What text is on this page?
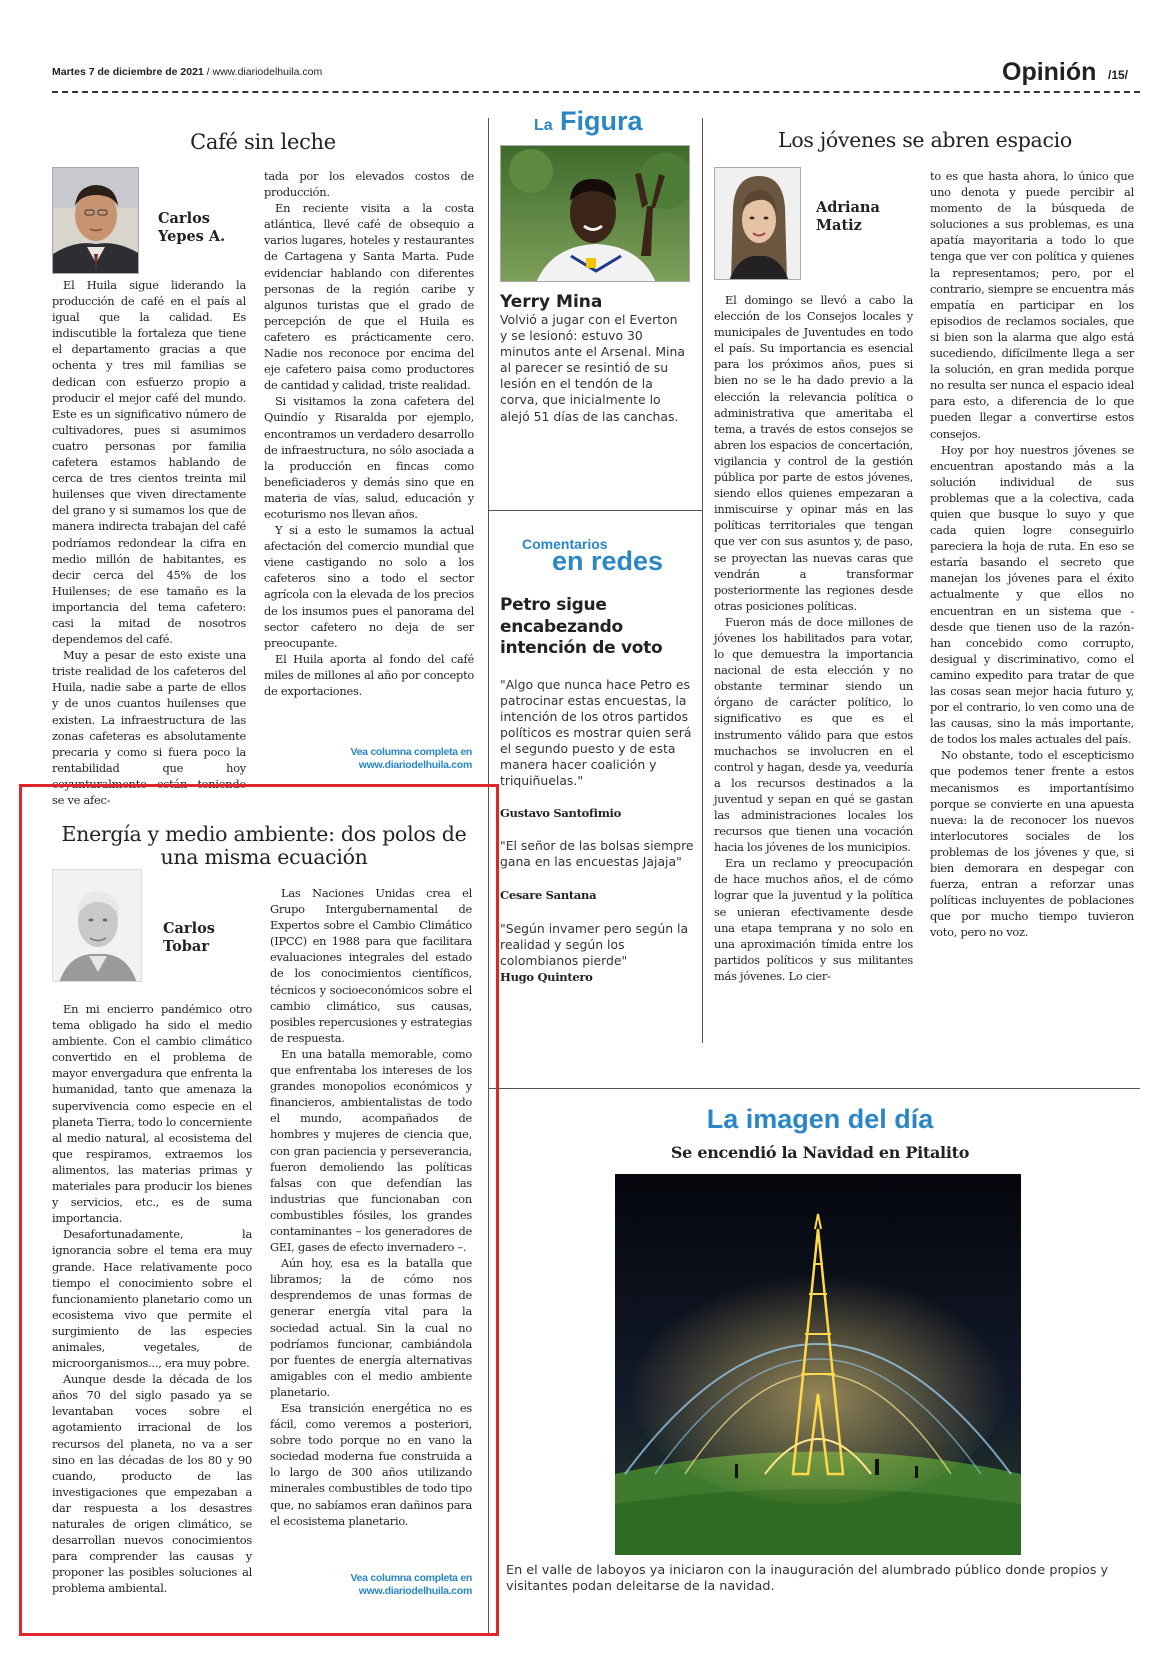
Martes 7 de diciembre de 2021 / www.diariodelhuila.com	Opinión /15/
Café sin leche
Carlos Yepes A.

El Huila sigue liderando la producción de café en el país al igual que la calidad. Es indiscutible la fortaleza que tiene el departamento gracias a que ochenta y tres mil familias se dedican con esfuerzo propio a producir el mejor café del mundo. Este es un significativo número de cultivadores, pues si asumimos cuatro personas por familia cafetera estamos hablando de cerca de tres cientos treinta mil huilenses que viven directamente del grano y si sumamos los que de manera indirecta trabajan del café podríamos redondear la cifra en medio millón de habitantes, es decir cerca del 45% de los Huilenses; de ese tamaño es la importancia del tema cafetero: casi la mitad de nosotros dependemos del café.

Muy a pesar de esto existe una triste realidad de los cafeteros del Huila, nadie sabe a parte de ellos y de unos cuantos huilenses que existen. La infraestructura de las zonas cafeteras es absolutamente precaria y como si fuera poco la rentabilidad que hoy coyunturalmente están teniendo se ve afec-

tada por los elevados costos de producción.

En reciente visita a la costa atlántica, llevé café de obsequio a varios lugares, hoteles y restaurantes de Cartagena y Santa Marta. Pude evidenciar hablando con diferentes personas de la región caribe y algunos turistas que el grado de percepción de que el Huila es cafetero es prácticamente cero. Nadie nos reconoce por encima del eje cafetero paisa como productores de cantidad y calidad, triste realidad.

Si visitamos la zona cafetera del Quindío y Risaralda por ejemplo, encontramos un verdadero desarrollo de infraestructura, no sólo asociada a la producción en fincas como beneficiaderos y demás sino que en materia de vías, salud, educación y ecoturismo nos llevan años.

Y si a esto le sumamos la actual afectación del comercio mundial que viene castigando no solo a los cafeteros sino a todo el sector agrícola con la elevada de los precios de los insumos pues el panorama del sector cafetero no deja de ser preocupante.

El Huila aporta al fondo del café miles de millones al año por concepto de exportaciones.

Vea columna completa en
www.diariodelhuila.com
La Figura
Yerry Mina
Volvió a jugar con el Everton y se lesionó: estuvo 30 minutos ante el Arsenal. Mina al parecer se resintió de su lesión en el tendón de la corva, que inicialmente lo alejó 51 días de las canchas.
Comentarios
en redes
Petro sigue encabezando intención de voto
"Algo que nunca hace Petro es patrocinar estas encuestas, la intención de los otros partidos políticos es mostrar quien será el segundo puesto y de esta manera hacer coalición y triquiñuelas."
Gustavo Santofimio
"El señor de las bolsas siempre gana en las encuestas Jajaja"
Cesare Santana
"Según invamer pero según la realidad y según los colombianos pierde"
Hugo Quintero
Los jóvenes se abren espacio
Adriana Matiz

El domingo se llevó a cabo la elección de los Consejos locales y municipales de Juventudes en todo el país. Su importancia es esencial para los próximos años, pues si bien no se le ha dado previo a la elección la relevancia política o administrativa que ameritaba el tema, a través de estos consejos se abren los espacios de concertación, vigilancia y control de la gestión pública por parte de estos jóvenes, siendo ellos quienes empezaran a inmiscuirse y opinar más en las políticas territoriales que tengan que ver con sus asuntos y, de paso, se proyectan las nuevas caras que vendrán a transformar posteriormente las regiones desde otras posiciones políticas.

Fueron más de doce millones de jóvenes los habilitados para votar, lo que demuestra la importancia nacional de esta elección y no obstante terminar siendo un órgano de carácter político, lo significativo es que es el instrumento válido para que estos muchachos se involucren en el control y hagan, desde ya, veeduría a los recursos destinados a la juventud y sepan en qué se gastan las administraciones locales los recursos que tienen una vocación hacia los jóvenes de los municipios.

Era un reclamo y preocupación de hace muchos años, el de cómo lograr que la juventud y la política se unieran efectivamente desde una etapa temprana y no solo en una aproximación tímida entre los partidos políticos y sus militantes más jóvenes. Lo cier-

to es que hasta ahora, lo único que uno denota y puede percibir al momento de la búsqueda de soluciones a sus problemas, es una apatía mayoritaria a todo lo que tenga que ver con política y quienes la representamos; pero, por el contrario, siempre se encuentra más empatía en participar en los episodios de reclamos sociales, que si bien son la alarma que algo está sucediendo, difícilmente llega a ser la solución, en gran medida porque no resulta ser nunca el espacio ideal para esto, a diferencia de lo que pueden llegar a convertirse estos consejos.

Hoy por hoy nuestros jóvenes se encuentran apostando más a la solución individual de sus problemas que a la colectiva, cada quien que busque lo suyo y que cada quien logre conseguirlo pareciera la hoja de ruta. En eso se estaría basando el secreto que manejan los jóvenes para el éxito actualmente y que ellos no encuentran en un sistema que -desde que tienen uso de la razón- han concebido como corrupto, desigual y discriminativo, como el camino expedito para tratar de que las cosas sean mejor hacia futuro y, por el contrario, lo ven como una de las causas, sino la más importante, de todos los males actuales del país.

No obstante, todo el escepticismo que podemos tener frente a estos mecanismos es importantísimo porque se convierte en una apuesta nueva: la de reconocer los nuevos interlocutores sociales de los problemas de los jóvenes y que, si bien demorara en despegar con fuerza, entran a reforzar unas políticas incluyentes de poblaciones que por mucho tiempo tuvieron voto, pero no voz.

Energía y medio ambiente: dos polos de una misma ecuación
Carlos Tobar

En mi encierro pandémico otro tema obligado ha sido el medio ambiente. Con el cambio climático convertido en el problema de mayor envergadura que enfrenta la humanidad, tanto que amenaza la supervivencia como especie en el planeta Tierra, todo lo concerniente al medio natural, al ecosistema del que respiramos, extraemos los alimentos, las materias primas y materiales para producir los bienes y servicios, etc., es de suma importancia.

Desafortunadamente, la ignorancia sobre el tema era muy grande. Hace relativamente poco tiempo el conocimiento sobre el funcionamiento planetario como un ecosistema vivo que permite el surgimiento de las especies animales, vegetales, de microorganismos..., era muy pobre.

Aunque desde la década de los años 70 del siglo pasado ya se levantaban voces sobre el agotamiento irracional de los recursos del planeta, no va a ser sino en las décadas de los 80 y 90 cuando, producto de las investigaciones que empezaban a dar respuesta a los desastres naturales de origen climático, se desarrollan nuevos conocimientos para comprender las causas y proponer las posibles soluciones al problema ambiental.

Las Naciones Unidas crea el Grupo Intergubernamental de Expertos sobre el Cambio Climático (IPCC) en 1988 para que facilitara evaluaciones integrales del estado de los conocimientos científicos, técnicos y socioeconómicos sobre el cambio climático, sus causas, posibles repercusiones y estrategias de respuesta.

En una batalla memorable, como que enfrentaba los intereses de los grandes monopolios económicos y financieros, ambientalistas de todo el mundo, acompañados de hombres y mujeres de ciencia que, con gran paciencia y perseverancia, fueron demoliendo las políticas falsas con que defendían las industrias que funcionaban con combustibles fósiles, los grandes contaminantes – los generadores de GEI, gases de efecto invernadero –.

Aún hoy, esa es la batalla que libramos; la de cómo nos desprendemos de unas formas de generar energía vital para la sociedad actual. Sin la cual no podríamos funcionar, cambiándola por fuentes de energía alternativas amigables con el medio ambiente planetario.

Esa transición energética no es fácil, como veremos a posteriori, sobre todo porque no en vano la sociedad moderna fue construida a lo largo de 300 años utilizando minerales combustibles de todo tipo que, no sabíamos eran dañinos para el ecosistema planetario.

Vea columna completa en
www.diariodelhuila.com
La imagen del día
Se encendió la Navidad en Pitalito
En el valle de laboyos ya iniciaron con la inauguración del alumbrado público donde propios y visitantes podan deleitarse de la navidad.
